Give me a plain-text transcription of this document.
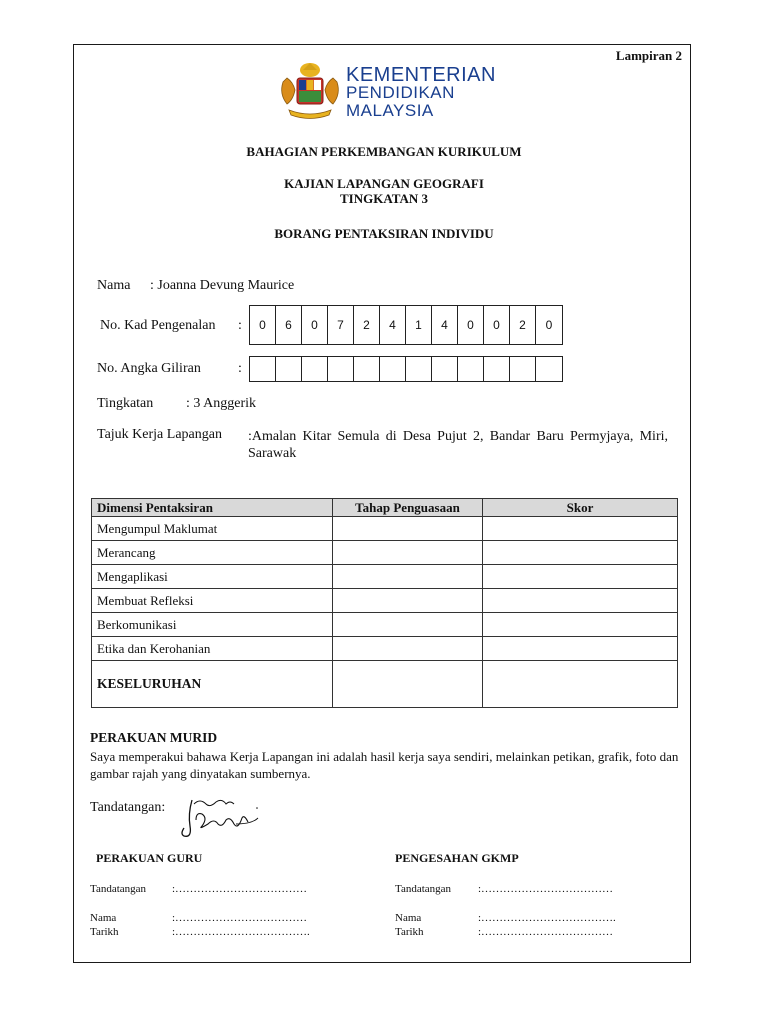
Lampiran 2
KEMENTERIAN
PENDIDIKAN
MALAYSIA
BAHAGIAN PERKEMBANGAN KURIKULUM
KAJIAN LAPANGAN GEOGRAFI
TINGKATAN 3
BORANG PENTAKSIRAN INDIVIDU
Nama : Joanna Devung Maurice
No. Kad Pengenalan :	0	6	0	7	2	4	1	4	0	0	2	0
No. Angka Giliran	:
Tingkatan : 3 Anggerik
Tajuk Kerja Lapangan :Amalan Kitar Semula di Desa Pujut 2, Bandar Baru Permyjaya, Miri, Sarawak
Dimensi Pentaksiran	Tahap Penguasaan	Skor
Mengumpul Maklumat		
Merancang		
Mengaplikasi		
Membuat Refleksi		
Berkomunikasi		
Etika dan Kerohanian		
KESELURUHAN		
PERAKUAN MURID
Saya memperakui bahawa Kerja Lapangan ini adalah hasil kerja saya sendiri, melainkan petikan, grafik, foto dan gambar rajah yang dinyatakan sumbernya.
Tandatangan:
PERAKUAN GURU
Tandatangan :………………………………
Nama	:………………………………
Tarikh	:……………………………….
PENGESAHAN GKMP
Tandatangan :………………………………
Nama	:……………………………….
Tarikh	:………………………………
